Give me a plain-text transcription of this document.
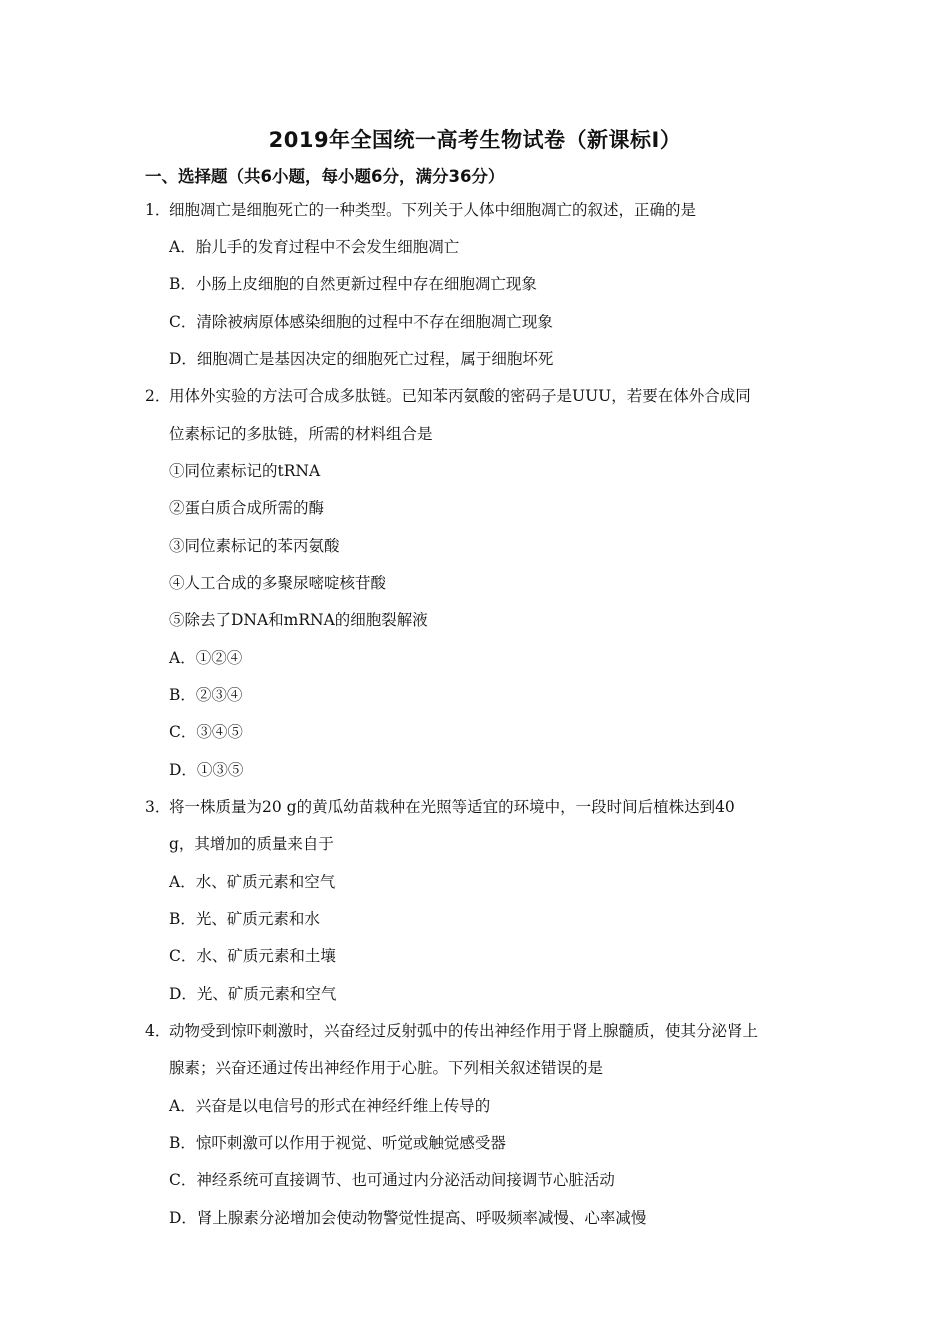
2019年全国统一高考生物试卷（新课标Ⅰ）
一、选择题（共6小题，每小题6分，满分36分）
1．
细胞凋亡是细胞死亡的一种类型。下列关于人体中细胞凋亡的叙述，正确的是
A．胎儿手的发育过程中不会发生细胞凋亡
B．小肠上皮细胞的自然更新过程中存在细胞凋亡现象
C．清除被病原体感染细胞的过程中不存在细胞凋亡现象
D．细胞凋亡是基因决定的细胞死亡过程，属于细胞坏死
2．
用体外实验的方法可合成多肽链。已知苯丙氨酸的密码子是UUU，若要在体外合成同
位素标记的多肽链，所需的材料组合是
①同位素标记的tRNA
②蛋白质合成所需的酶
③同位素标记的苯丙氨酸
④人工合成的多聚尿嘧啶核苷酸
⑤除去了DNA和mRNA的细胞裂解液
A．①②④
B．②③④
C．③④⑤
D．①③⑤
3．
将一株质量为20 g的黄瓜幼苗栽种在光照等适宜的环境中，一段时间后植株达到40
g，其增加的质量来自于
A．水、矿质元素和空气
B．光、矿质元素和水
C．水、矿质元素和土壤
D．光、矿质元素和空气
4．
动物受到惊吓刺激时，兴奋经过反射弧中的传出神经作用于肾上腺髓质，使其分泌肾上
腺素；兴奋还通过传出神经作用于心脏。下列相关叙述错误的是
A．兴奋是以电信号的形式在神经纤维上传导的
B．惊吓刺激可以作用于视觉、听觉或触觉感受器
C．神经系统可直接调节、也可通过内分泌活动间接调节心脏活动
D．肾上腺素分泌增加会使动物警觉性提高、呼吸频率减慢、心率减慢
